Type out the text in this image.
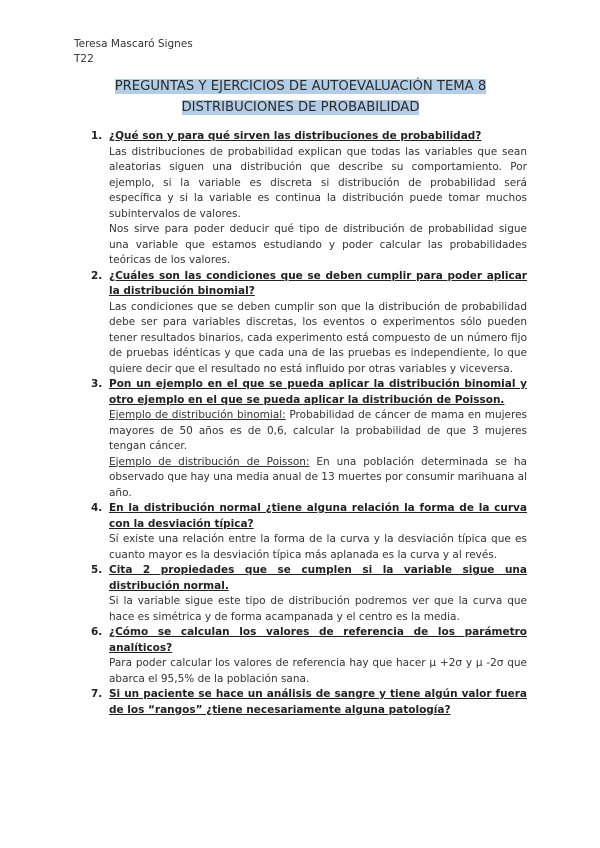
Teresa Mascaró Signes
T22
PREGUNTAS Y EJERCICIOS DE AUTOEVALUACIÓN TEMA 8
DISTRIBUCIONES DE PROBABILIDAD
1. ¿Qué son y para qué sirven las distribuciones de probabilidad?
Las distribuciones de probabilidad explican que todas las variables que sean aleatorias siguen una distribución que describe su comportamiento. Por ejemplo, si la variable es discreta si distribución de probabilidad será específica y si la variable es continua la distribución puede tomar muchos subintervalos de valores.
Nos sirve para poder deducir qué tipo de distribución de probabilidad sigue una variable que estamos estudiando y poder calcular las probabilidades teóricas de los valores.
2. ¿Cuáles son las condiciones que se deben cumplir para poder aplicar la distribución binomial?
Las condiciones que se deben cumplir son que la distribución de probabilidad debe ser para variables discretas, los eventos o experimentos sólo pueden tener resultados binarios, cada experimento está compuesto de un número fijo de pruebas idénticas y que cada una de las pruebas es independiente, lo que quiere decir que el resultado no está influido por otras variables y viceversa.
3. Pon un ejemplo en el que se pueda aplicar la distribución binomial y otro ejemplo en el que se pueda aplicar la distribución de Poisson.
Ejemplo de distribución binomial: Probabilidad de cáncer de mama en mujeres mayores de 50 años es de 0,6, calcular la probabilidad de que 3 mujeres tengan cáncer.
Ejemplo de distribución de Poisson: En una población determinada se ha observado que hay una media anual de 13 muertes por consumir marihuana al año.
4. En la distribución normal ¿tiene alguna relación la forma de la curva con la desviación típica?
Sí existe una relación entre la forma de la curva y la desviación típica que es cuanto mayor es la desviación típica más aplanada es la curva y al revés.
5. Cita 2 propiedades que se cumplen si la variable sigue una distribución normal.
Si la variable sigue este tipo de distribución podremos ver que la curva que hace es simétrica y de forma acampanada y el centro es la media.
6. ¿Cómo se calculan los valores de referencia de los parámetro analíticos?
Para poder calcular los valores de referencia hay que hacer µ +2σ y µ -2σ que abarca el 95,5% de la población sana.
7. Si un paciente se hace un análisis de sangre y tiene algún valor fuera de los “rangos” ¿tiene necesariamente alguna patología?
